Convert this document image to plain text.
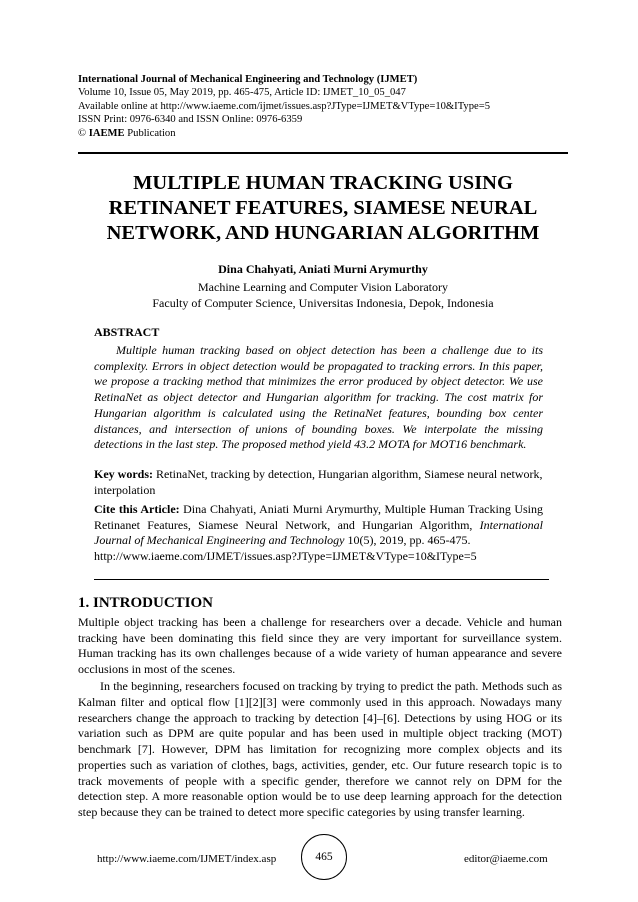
International Journal of Mechanical Engineering and Technology (IJMET)
Volume 10, Issue 05, May 2019, pp. 465-475, Article ID: IJMET_10_05_047
Available online at http://www.iaeme.com/ijmet/issues.asp?JType=IJMET&VType=10&IType=5
ISSN Print: 0976-6340 and ISSN Online: 0976-6359
© IAEME Publication
MULTIPLE HUMAN TRACKING USING
RETINANET FEATURES, SIAMESE NEURAL
NETWORK, AND HUNGARIAN ALGORITHM
Dina Chahyati, Aniati Murni Arymurthy
Machine Learning and Computer Vision Laboratory
Faculty of Computer Science, Universitas Indonesia, Depok, Indonesia
ABSTRACT
Multiple human tracking based on object detection has been a challenge due to its complexity. Errors in object detection would be propagated to tracking errors. In this paper, we propose a tracking method that minimizes the error produced by object detector. We use RetinaNet as object detector and Hungarian algorithm for tracking. The cost matrix for Hungarian algorithm is calculated using the RetinaNet features, bounding box center distances, and intersection of unions of bounding boxes. We interpolate the missing detections in the last step. The proposed method yield 43.2 MOTA for MOT16 benchmark.
Key words: RetinaNet, tracking by detection, Hungarian algorithm, Siamese neural network, interpolation
Cite this Article: Dina Chahyati, Aniati Murni Arymurthy, Multiple Human Tracking Using Retinanet Features, Siamese Neural Network, and Hungarian Algorithm, International Journal of Mechanical Engineering and Technology 10(5), 2019, pp. 465-475.
http://www.iaeme.com/IJMET/issues.asp?JType=IJMET&VType=10&IType=5
1. INTRODUCTION
Multiple object tracking has been a challenge for researchers over a decade. Vehicle and human tracking have been dominating this field since they are very important for surveillance system. Human tracking has its own challenges because of a wide variety of human appearance and severe occlusions in most of the scenes.
In the beginning, researchers focused on tracking by trying to predict the path. Methods such as Kalman filter and optical flow [1][2][3] were commonly used in this approach. Nowadays many researchers change the approach to tracking by detection [4]–[6]. Detections by using HOG or its variation such as DPM are quite popular and has been used in multiple object tracking (MOT) benchmark [7]. However, DPM has limitation for recognizing more complex objects and its properties such as variation of clothes, bags, activities, gender, etc. Our future research topic is to track movements of people with a specific gender, therefore we cannot rely on DPM for the detection step. A more reasonable option would be to use deep learning approach for the detection step because they can be trained to detect more specific categories by using transfer learning.
http://www.iaeme.com/IJMET/index.asp	465	editor@iaeme.com
